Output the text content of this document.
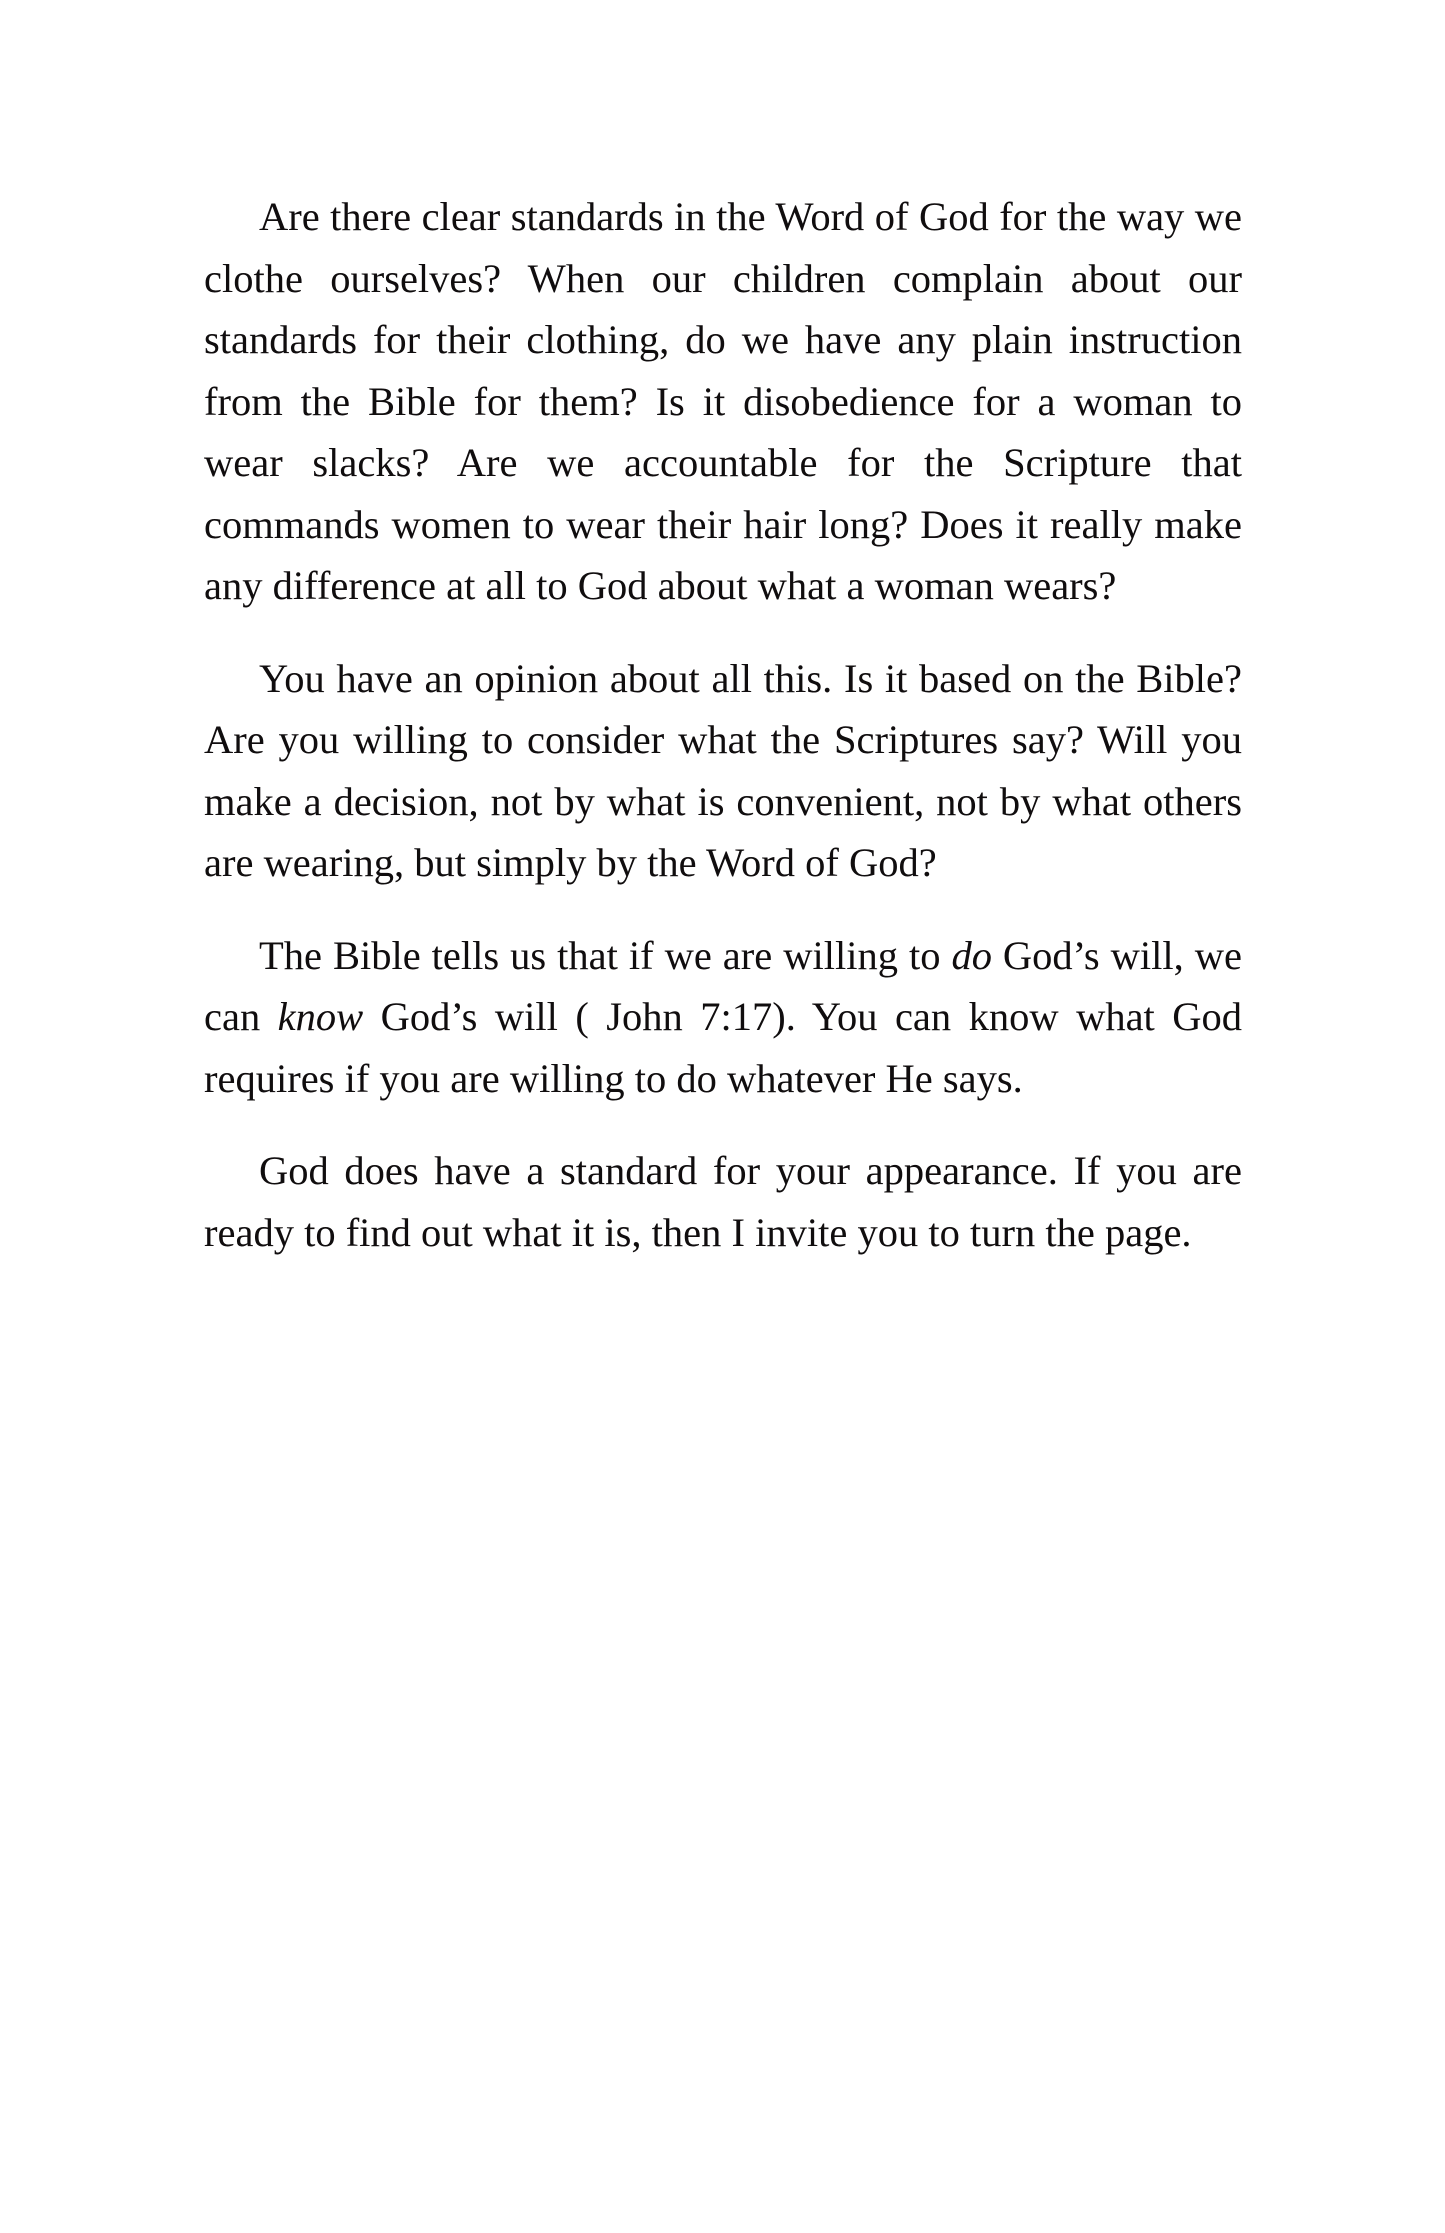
Are there clear standards in the Word of God for the way we clothe ourselves? When our children complain about our standards for their clothing, do we have any plain instruction from the Bible for them? Is it disobedience for a woman to wear slacks? Are we accountable for the Scripture that commands women to wear their hair long? Does it really make any difference at all to God about what a woman wears?

You have an opinion about all this. Is it based on the Bible? Are you willing to consider what the Scriptures say? Will you make a decision, not by what is convenient, not by what others are wearing, but simply by the Word of God?

The Bible tells us that if we are willing to do God’s will, we can know God’s will ( John 7:17). You can know what God requires if you are willing to do whatever He says.

God does have a standard for your appearance. If you are ready to find out what it is, then I invite you to turn the page.
